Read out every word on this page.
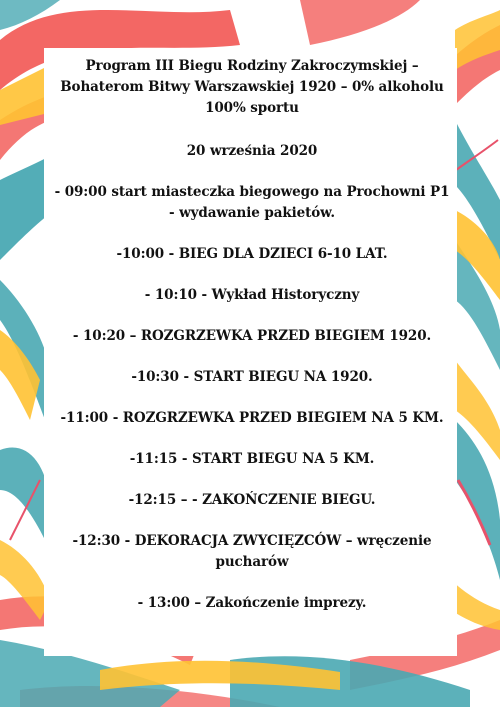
Program III Biegu Rodziny Zakroczymskiej –
Bohaterom Bitwy Warszawskiej 1920 – 0% alkoholu
100% sportu
20 września 2020
- 09:00 start miasteczka biegowego na Prochowni P1
- wydawanie pakietów.
-10:00 - BIEG DLA DZIECI 6-10 LAT.
- 10:10 - Wykład Historyczny
- 10:20 – ROZGRZEWKA PRZED BIEGIEM 1920.
-10:30 - START BIEGU NA 1920.
-11:00 - ROZGRZEWKA PRZED BIEGIEM NA 5 KM.
-11:15 - START BIEGU NA 5 KM.
-12:15 – - ZAKOŃCZENIE BIEGU.
-12:30 - DEKORACJA ZWYCIĘZCÓW – wręczenie
pucharów
- 13:00 – Zakończenie imprezy.
